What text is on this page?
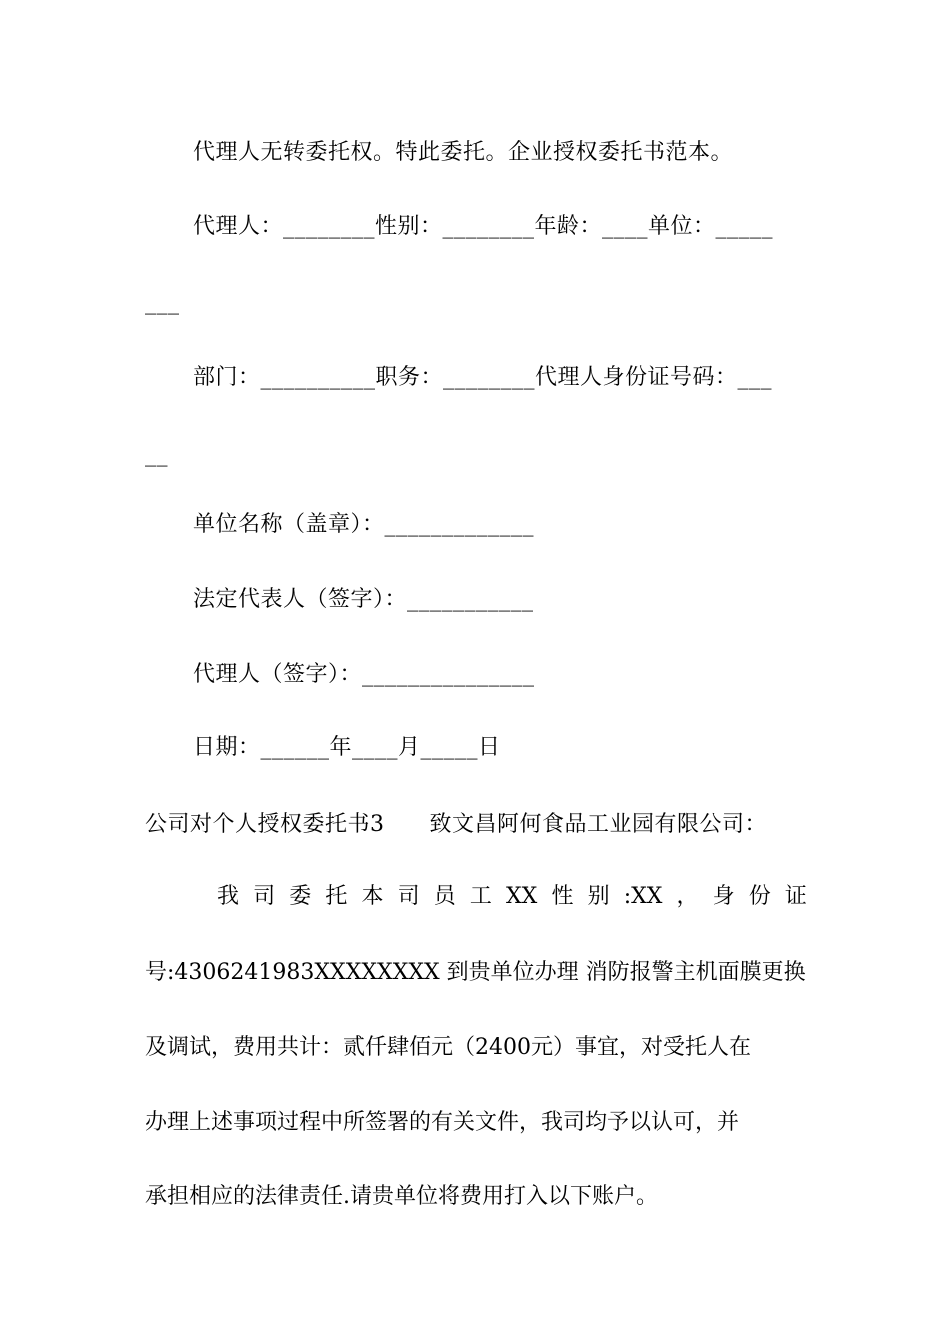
代理人无转委托权。特此委托。企业授权委托书范本。
代理人：________性别：________年龄：____单位：_____
___
部门：__________职务：________代理人身份证号码：___
__
单位名称（盖章）：_____________
法定代表人（签字）：___________
代理人（签字）：_______________
日期：______年____月_____日
公司对个人授权委托书3　　致文昌阿何食品工业园有限公司：
我 司 委 托 本 司 员 工 XX 性 别 :XX ， 身 份 证
号:4306241983XXXXXXXX 到贵单位办理 消防报警主机面膜更换
及调试，费用共计：贰仟肆佰元（2400元）事宜，对受托人在
办理上述事项过程中所签署的有关文件，我司均予以认可，并
承担相应的法律责任.请贵单位将费用打入以下账户。
